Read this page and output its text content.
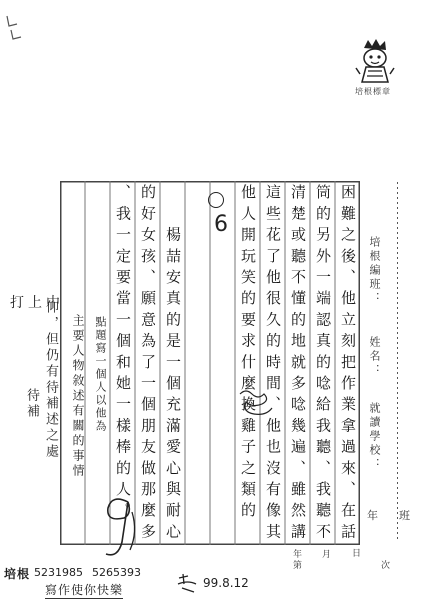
培根標章
困難之後、他立刻把作業拿過來、在話
筒的另外一端認真的唸給我聽、我聽不
清楚或聽不懂的地就多唸幾遍、雖然講
這些花了他很久的時間、他也沒有像其
他人開玩笑的要求什麼換雞子之類的
　　楊喆安真的是一個充滿愛心與耐心
的好女孩、願意為了一個朋友做那麼多
、我一定要當一個和她一樣棒的人。	6
培根編班：
姓名：
就讀學校：
年 班
年 月 日
第	次
打上中
待補 仰，但仍有待補述之處 主要人物敘述有關的事情 點題寫一個人以他為
培根 5231985 5265393
寫作使你快樂	99.8.12
